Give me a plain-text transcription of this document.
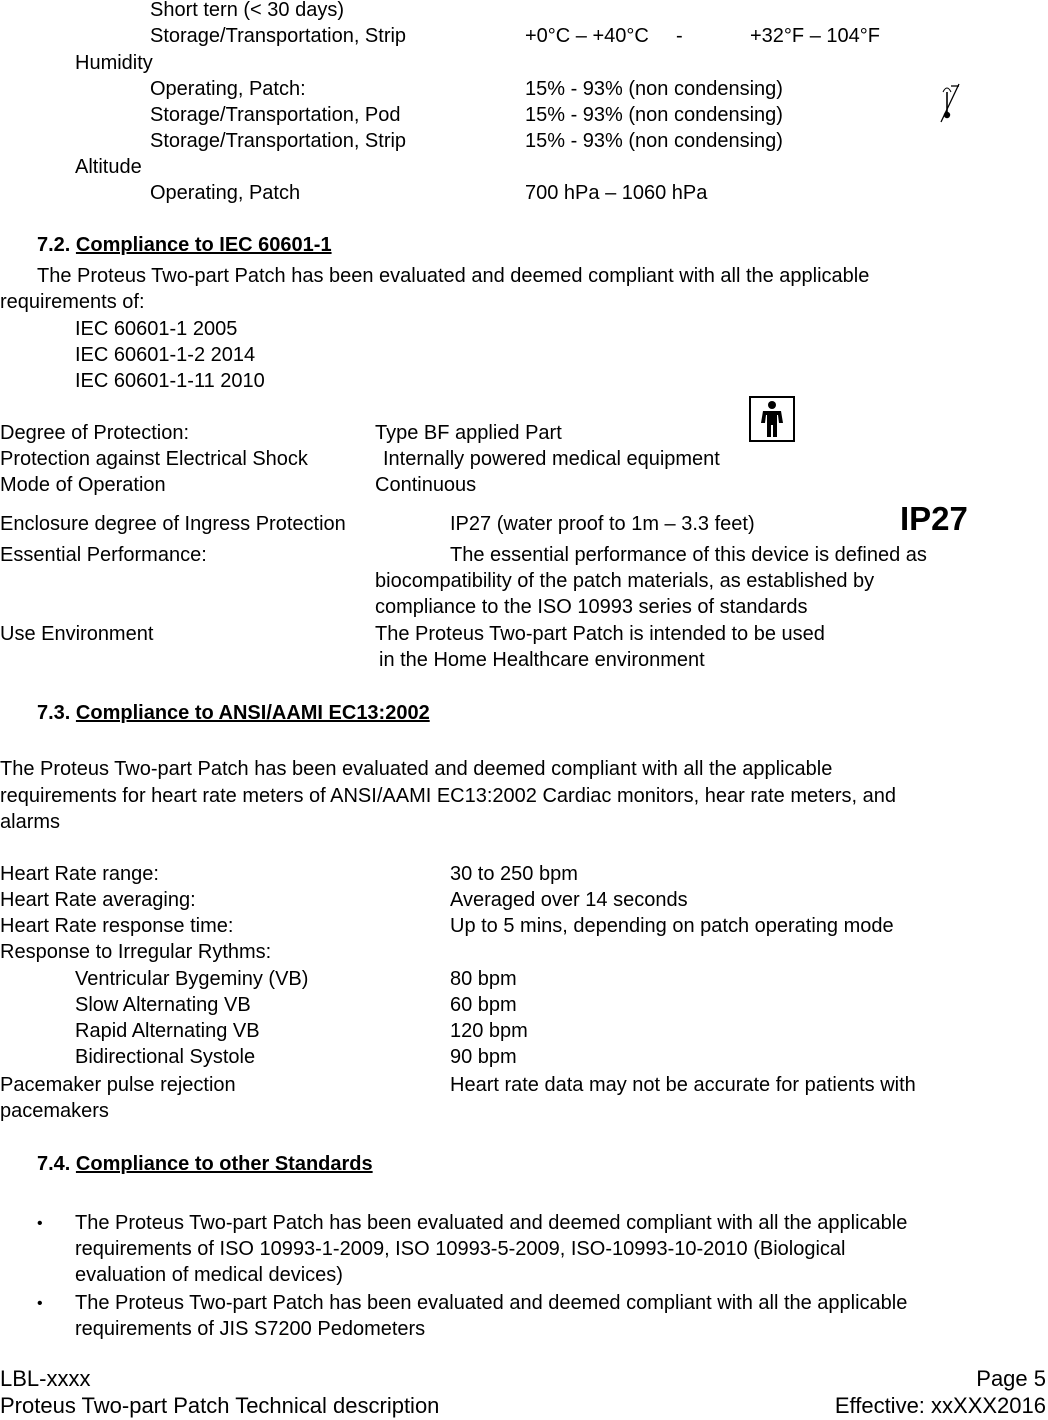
Short tern (< 30 days)
Storage/Transportation, Strip	+0°C – +40°C -	+32°F – 104°F
Humidity
Operating, Patch:	15% - 93% (non condensing)
Storage/Transportation, Pod	15% - 93% (non condensing)
Storage/Transportation, Strip	15% - 93% (non condensing)
Altitude
Operating, Patch	700 hPa – 1060 hPa
7.2. Compliance to IEC 60601-1
The Proteus Two-part Patch has been evaluated and deemed compliant with all the applicable
requirements of:
IEC 60601-1 2005
IEC 60601-1-2 2014
IEC 60601-1-11 2010
Degree of Protection:	Type BF applied Part
Protection against Electrical Shock	Internally powered medical equipment
Mode of Operation	Continuous
Enclosure degree of Ingress Protection	IP27 (water proof to 1m – 3.3 feet)	IP27
Essential Performance:	The essential performance of this device is defined as
biocompatibility of the patch materials, as established by
compliance to the ISO 10993 series of standards
Use Environment	The Proteus Two-part Patch is intended to be used
in the Home Healthcare environment
7.3. Compliance to ANSI/AAMI EC13:2002
The Proteus Two-part Patch has been evaluated and deemed compliant with all the applicable
requirements for heart rate meters of ANSI/AAMI EC13:2002 Cardiac monitors, hear rate meters, and
alarms
Heart Rate range:	30 to 250 bpm
Heart Rate averaging:	Averaged over 14 seconds
Heart Rate response time:	Up to 5 mins, depending on patch operating mode
Response to Irregular Rythms:
Ventricular Bygeminy (VB)	80 bpm
Slow Alternating VB	60 bpm
Rapid Alternating VB	120 bpm
Bidirectional Systole	90 bpm
Pacemaker pulse rejection	Heart rate data may not be accurate for patients with
pacemakers
7.4. Compliance to other Standards
• The Proteus Two-part Patch has been evaluated and deemed compliant with all the applicable
requirements of ISO 10993-1-2009, ISO 10993-5-2009, ISO-10993-10-2010 (Biological
evaluation of medical devices)
• The Proteus Two-part Patch has been evaluated and deemed compliant with all the applicable
requirements of JIS S7200 Pedometers
LBL-xxxx	Page 5
Proteus Two-part Patch Technical description	Effective: xxXXX2016
